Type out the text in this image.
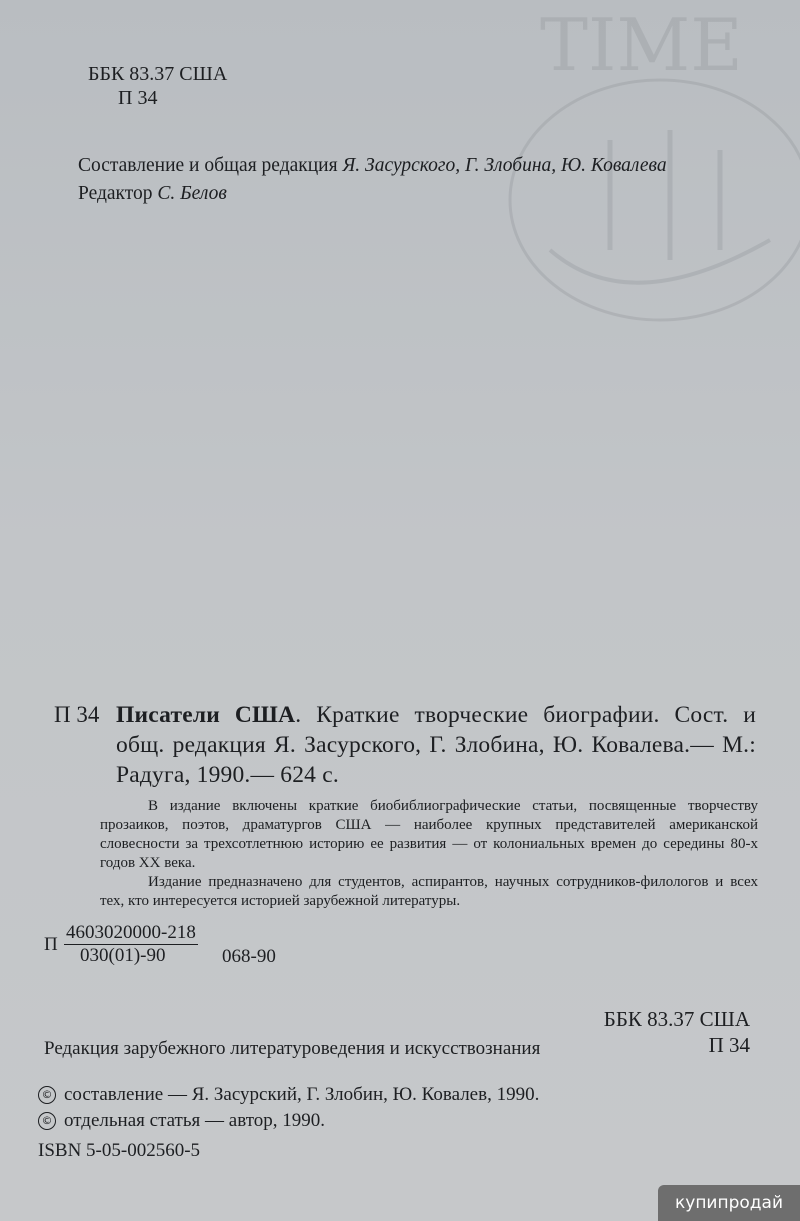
ТІМЕ
ББК 83.37 США
П 34
Составление и общая редакция Я. Засурского, Г. Злобина, Ю. Ковалева
Редактор С. Белов
П 34 Писатели США. Краткие творческие биографии. Сост. и общ. редакция Я. Засурского, Г. Злобина, Ю. Ковалева.— М.: Радуга, 1990.— 624 с.

В издание включены краткие биобиблиографические статьи, посвященные творчеству прозаиков, поэтов, драматургов США — наиболее крупных представителей американской словесности за трехсотлетнюю историю ее развития — от колониальных времен до середины 80-х годов XX века.

Издание предназначено для студентов, аспирантов, научных сотрудников-филологов и всех тех, кто интересуется историей зарубежной литературы.

П $\frac{4603020000-218}{030(01)-90} 068-90$
ББК 83.37 США
П 34
Редакция зарубежного литературоведения и искусствознания
© составление — Я. Засурский, Г. Злобин, Ю. Ковалев, 1990.
© отдельная статья — автор, 1990.
ISBN 5-05-002560-5
купипродай
